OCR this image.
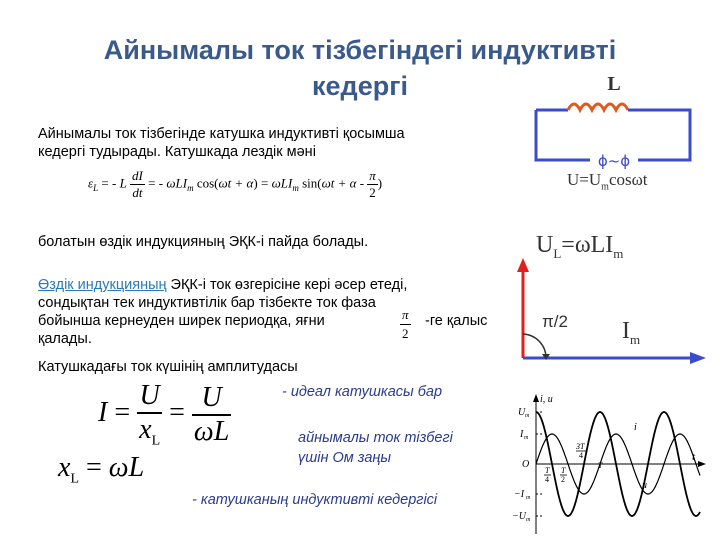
Айнымалы ток тізбегіндегі индуктивті
кедергі
Айнымалы ток тізбегінде катушка индуктивті қосымша
кедергі тудырады. Катушкада лездік мәні
$\varepsilon_L$ = - L $\frac{dI}{dt}$ = - ωLI$_m$ cos(ωt + α) = ωLI$_m$ $\sin(\omega t + \alpha - \frac{\pi}{2}$ )
болатын өздік индукцияның ЭҚК-і пайда болады.
Өздік индукцияның ЭҚК-і ток өзгерісіне кері әсер етеді,
сондықтан тек индуктивтілік бар тізбекте ток фаза
бойынша кернеуден ширек периодқа, яғни	$\frac{\pi}{2} -ге$ қалыс
қалады.
Катушкадағы ток күшінің амплитудасы
$I = \frac{U}{x_L} = \frac{U}{\omega L}$
$x_L = \omega L$
- идеал катушкасы бар
айнымалы ток тізбегі
үшін Ом заңы
- катушканың индуктивті кедергісі
L
ϕ~ϕ
$U=U_m\cos\omega t$
$U_L=\omega LI_m$
π/2 $I_m$
i, u
t
U m
I m
O
−I m
−U m
T
4
T
2
3T
4
T
i
u
